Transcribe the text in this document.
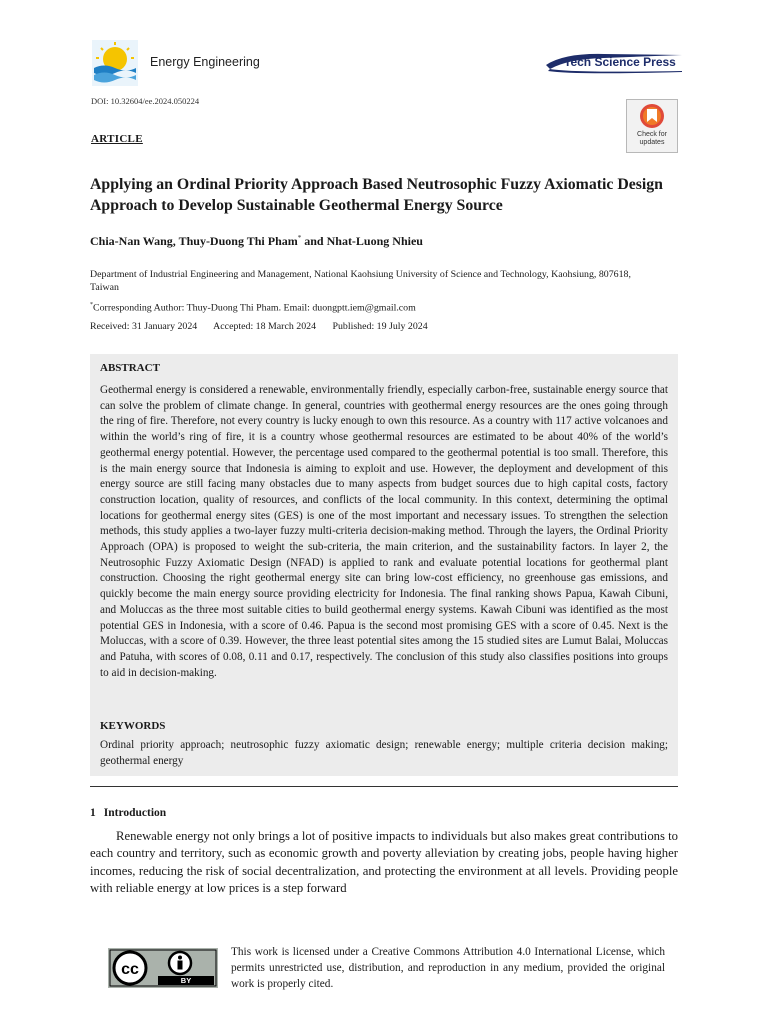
Energy Engineering	Tech Science Press
DOI: 10.32604/ee.2024.050224
Check for updates
ARTICLE
Applying an Ordinal Priority Approach Based Neutrosophic Fuzzy Axiomatic Design Approach to Develop Sustainable Geothermal Energy Source
Chia-Nan Wang, Thuy-Duong Thi Pham* and Nhat-Luong Nhieu
Department of Industrial Engineering and Management, National Kaohsiung University of Science and Technology, Kaohsiung, 807618, Taiwan
*Corresponding Author: Thuy-Duong Thi Pham. Email: duongptt.iem@gmail.com
Received: 31 January 2024 Accepted: 18 March 2024 Published: 19 July 2024
ABSTRACT
Geothermal energy is considered a renewable, environmentally friendly, especially carbon-free, sustainable energy source that can solve the problem of climate change. In general, countries with geothermal energy resources are the ones going through the ring of fire. Therefore, not every country is lucky enough to own this resource. As a country with 117 active volcanoes and within the world’s ring of fire, it is a country whose geothermal resources are estimated to be about 40% of the world’s geothermal energy potential. However, the percentage used compared to the geothermal potential is too small. Therefore, this is the main energy source that Indonesia is aiming to exploit and use. However, the deployment and development of this energy source are still facing many obstacles due to many aspects from budget sources due to high capital costs, factory construction location, quality of resources, and conflicts of the local community. In this context, determining the optimal locations for geothermal energy sites (GES) is one of the most important and necessary issues. To strengthen the selection methods, this study applies a two-layer fuzzy multi-criteria decision-making method. Through the layers, the Ordinal Priority Approach (OPA) is proposed to weight the sub-criteria, the main criterion, and the sustainability factors. In layer 2, the Neutrosophic Fuzzy Axiomatic Design (NFAD) is applied to rank and evaluate potential locations for geothermal plant construction. Choosing the right geothermal energy site can bring low-cost efficiency, no greenhouse gas emissions, and quickly become the main energy source providing electricity for Indonesia. The final ranking shows Papua, Kawah Cibuni, and Moluccas as the three most suitable cities to build geothermal energy systems. Kawah Cibuni was identified as the most potential GES in Indonesia, with a score of 0.46. Papua is the second most promising GES with a score of 0.45. Next is the Moluccas, with a score of 0.39. However, the three least potential sites among the 15 studied sites are Lumut Balai, Moluccas and Patuha, with scores of 0.08, 0.11 and 0.17, respectively. The conclusion of this study also classifies positions into groups to aid in decision-making.
KEYWORDS
Ordinal priority approach; neutrosophic fuzzy axiomatic design; renewable energy; multiple criteria decision making; geothermal energy
1 Introduction
Renewable energy not only brings a lot of positive impacts to individuals but also makes great contributions to each country and territory, such as economic growth and poverty alleviation by creating jobs, people having higher incomes, reducing the risk of social decentralization, and protecting the environment at all levels. Providing people with reliable energy at low prices is a step forward
cc
BY
This work is licensed under a Creative Commons Attribution 4.0 International License, which permits unrestricted use, distribution, and reproduction in any medium, provided the original work is properly cited.
